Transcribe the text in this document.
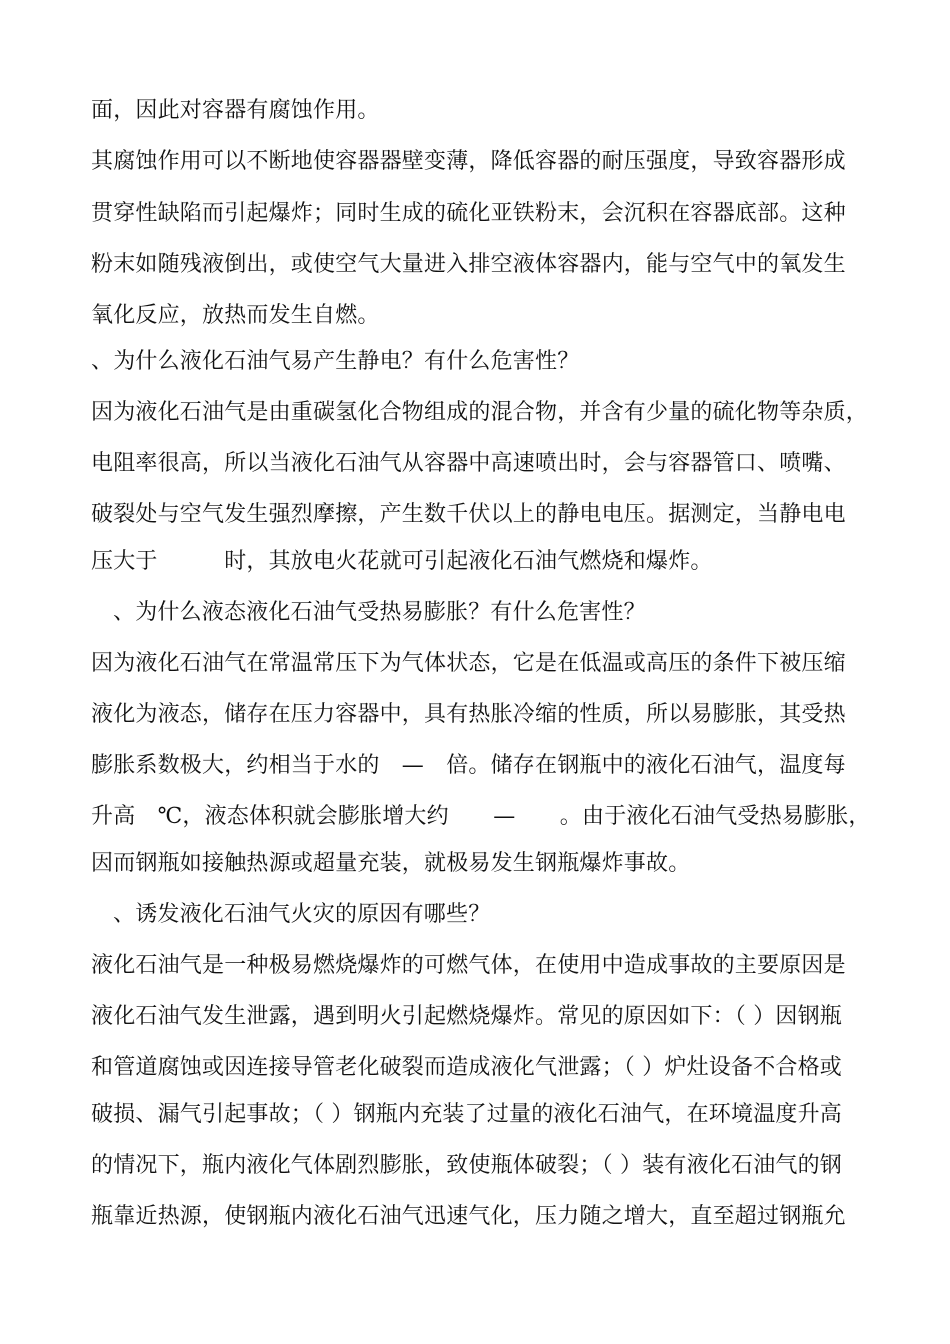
面，因此对容器有腐蚀作用。
其腐蚀作用可以不断地使容器器壁变薄，降低容器的耐压强度，导致容器形成
贯穿性缺陷而引起爆炸；同时生成的硫化亚铁粉末，会沉积在容器底部。这种
粉末如随残液倒出，或使空气大量进入排空液体容器内，能与空气中的氧发生
氧化反应，放热而发生自燃。
、为什么液化石油气易产生静电？有什么危害性？
因为液化石油气是由重碳氢化合物组成的混合物，并含有少量的硫化物等杂质，
电阻率很高，所以当液化石油气从容器中高速喷出时，会与容器管口、喷嘴、
破裂处与空气发生强烈摩擦，产生数千伏以上的静电电压。据测定，当静电电
压大于　　　时，其放电火花就可引起液化石油气燃烧和爆炸。
、为什么液态液化石油气受热易膨胀？有什么危害性？
因为液化石油气在常温常压下为气体状态，它是在低温或高压的条件下被压缩
液化为液态，储存在压力容器中，具有热胀冷缩的性质，所以易膨胀，其受热
膨胀系数极大，约相当于水的　—　倍。储存在钢瓶中的液化石油气，温度每
升高　℃，液态体积就会膨胀增大约　　—　　。由于液化石油气受热易膨胀，
因而钢瓶如接触热源或超量充装，就极易发生钢瓶爆炸事故。
、诱发液化石油气火灾的原因有哪些？
液化石油气是一种极易燃烧爆炸的可燃气体，在使用中造成事故的主要原因是
液化石油气发生泄露，遇到明火引起燃烧爆炸。常见的原因如下：（ ）因钢瓶
和管道腐蚀或因连接导管老化破裂而造成液化气泄露；（ ）炉灶设备不合格或
破损、漏气引起事故；（ ）钢瓶内充装了过量的液化石油气，在环境温度升高
的情况下，瓶内液化气体剧烈膨胀，致使瓶体破裂；（ ）装有液化石油气的钢
瓶靠近热源，使钢瓶内液化石油气迅速气化，压力随之增大，直至超过钢瓶允
